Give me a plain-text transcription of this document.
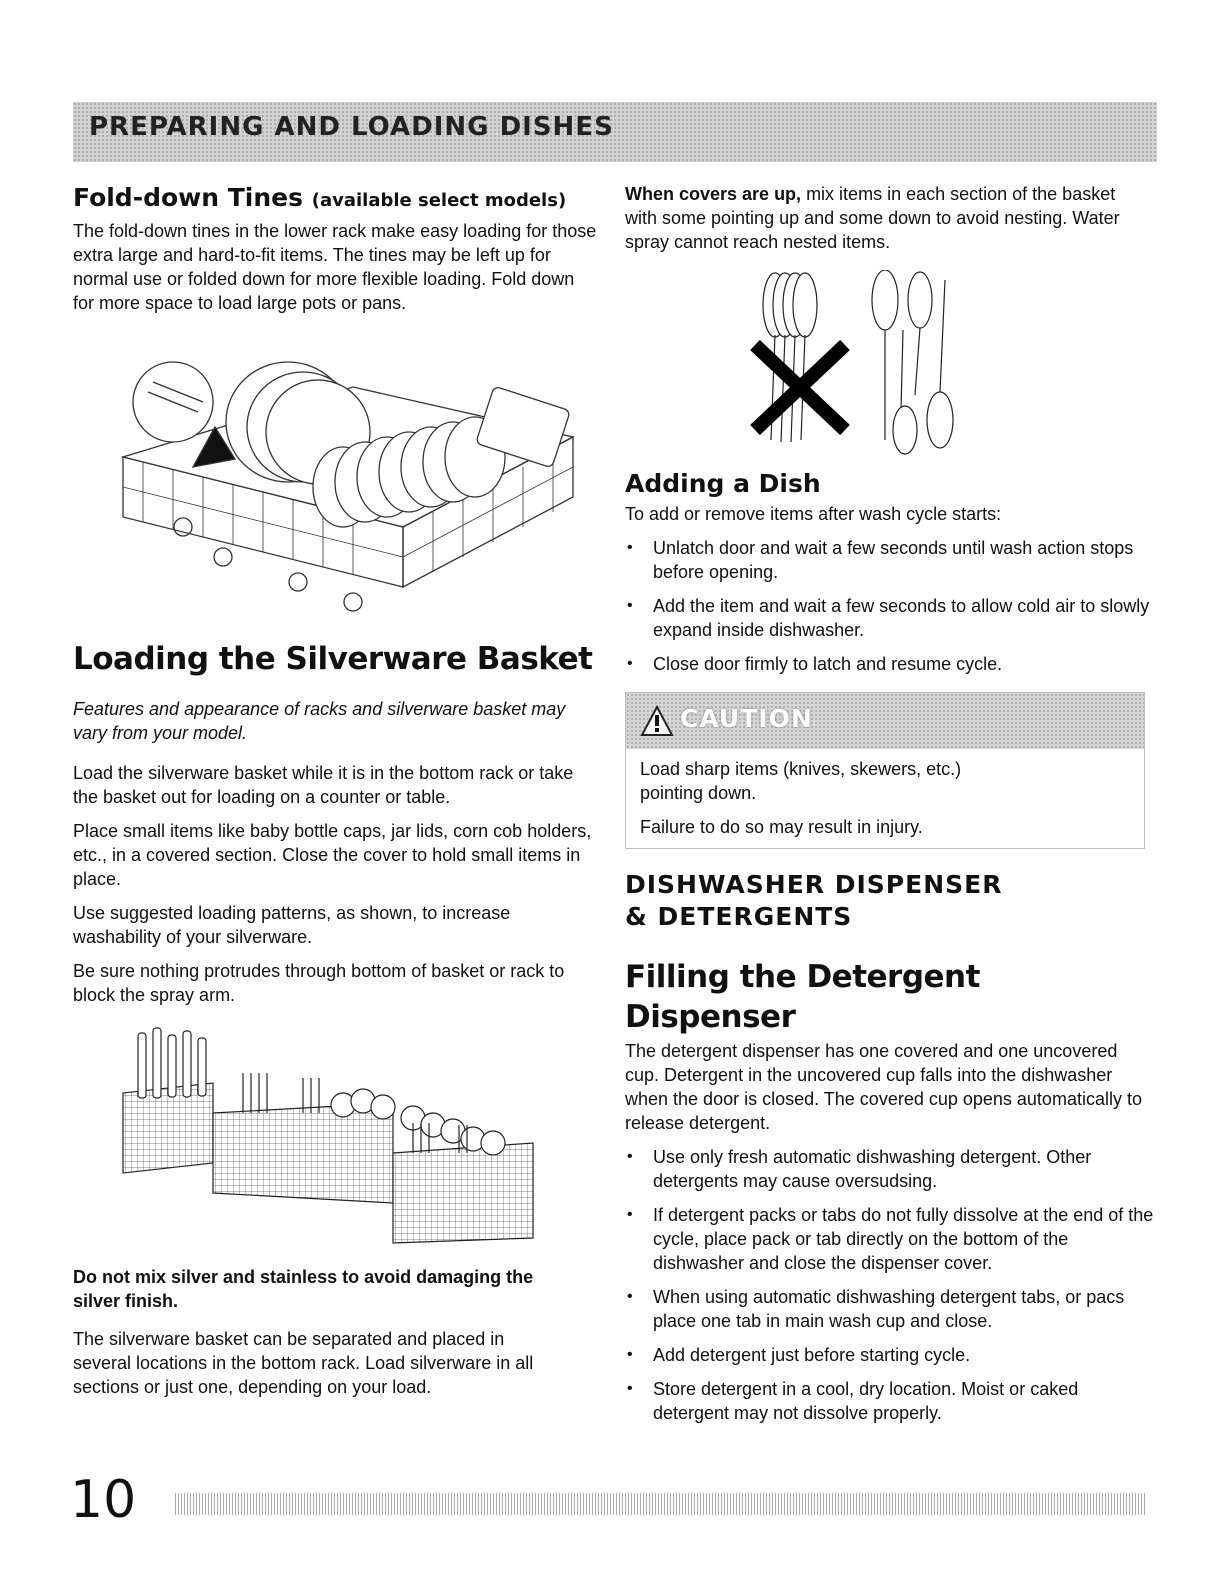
PREPARING AND LOADING DISHES
Fold-down Tines (available select models)

The fold-down tines in the lower rack make easy loading for those extra large and hard-to-fit items. The tines may be left up for normal use or folded down for more flexible loading. Fold down for more space to load large pots or pans.

Loading the Silverware Basket

Features and appearance of racks and silverware basket may vary from your model.

Load the silverware basket while it is in the bottom rack or take the basket out for loading on a counter or table.

Place small items like baby bottle caps, jar lids, corn cob holders, etc., in a covered section. Close the cover to hold small items in place.

Use suggested loading patterns, as shown, to increase washability of your silverware.

Be sure nothing protrudes through bottom of basket or rack to block the spray arm.

Do not mix silver and stainless to avoid damaging the silver finish.

The silverware basket can be separated and placed in several locations in the bottom rack. Load silverware in all sections or just one, depending on your load.

When covers are up, mix items in each section of the basket with some pointing up and some down to avoid nesting. Water spray cannot reach nested items.

Adding a Dish

To add or remove items after wash cycle starts:

• Unlatch door and wait a few seconds until wash action stops before opening.
• Add the item and wait a few seconds to allow cold air to slowly expand inside dishwasher.
• Close door firmly to latch and resume cycle.
CAUTION

Load sharp items (knives, skewers, etc.) pointing down.

Failure to do so may result in injury.

DISHWASHER DISPENSER
& DETERGENTS
Filling the Detergent Dispenser

The detergent dispenser has one covered and one uncovered cup. Detergent in the uncovered cup falls into the dishwasher when the door is closed. The covered cup opens automatically to release detergent.

• Use only fresh automatic dishwashing detergent. Other detergents may cause oversudsing.
• If detergent packs or tabs do not fully dissolve at the end of the cycle, place pack or tab directly on the bottom of the dishwasher and close the dispenser cover.
• When using automatic dishwashing detergent tabs, or pacs place one tab in main wash cup and close.
• Add detergent just before starting cycle.
• Store detergent in a cool, dry location. Moist or caked detergent may not dissolve properly.
10
